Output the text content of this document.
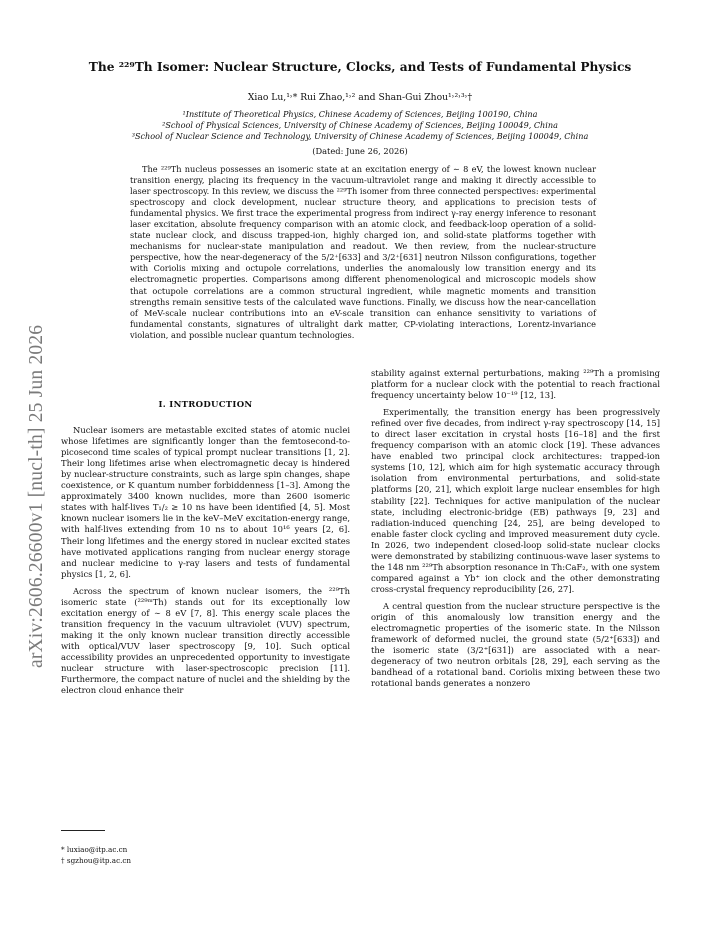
arXiv:2606.26600v1 [nucl-th] 25 Jun 2026
The ²²⁹Th Isomer: Nuclear Structure, Clocks, and Tests of Fundamental Physics
Xiao Lu,¹˒* Rui Zhao,¹˒² and Shan-Gui Zhou¹˒²˒³˒†
¹Institute of Theoretical Physics, Chinese Academy of Sciences, Beijing 100190, China
²School of Physical Sciences, University of Chinese Academy of Sciences, Beijing 100049, China
³School of Nuclear Science and Technology, University of Chinese Academy of Sciences, Beijing 100049, China
(Dated: June 26, 2026)

The ²²⁹Th nucleus possesses an isomeric state at an excitation energy of ∼ 8 eV, the lowest known nuclear transition energy, placing its frequency in the vacuum-ultraviolet range and making it directly accessible to laser spectroscopy. In this review, we discuss the ²²⁹Th isomer from three connected perspectives: experimental spectroscopy and clock development, nuclear structure theory, and applications to precision tests of fundamental physics. We first trace the experimental progress from indirect γ-ray energy inference to resonant laser excitation, absolute frequency comparison with an atomic clock, and feedback-loop operation of a solid-state nuclear clock, and discuss trapped-ion, highly charged ion, and solid-state platforms together with mechanisms for nuclear-state manipulation and readout. We then review, from the nuclear-structure perspective, how the near-degeneracy of the 5/2⁺[633] and 3/2⁺[631] neutron Nilsson configurations, together with Coriolis mixing and octupole correlations, underlies the anomalously low transition energy and its electromagnetic properties. Comparisons among different phenomenological and microscopic models show that octupole correlations are a common structural ingredient, while magnetic moments and transition strengths remain sensitive tests of the calculated wave functions. Finally, we discuss how the near-cancellation of MeV-scale nuclear contributions into an eV-scale transition can enhance sensitivity to variations of fundamental constants, signatures of ultralight dark matter, CP-violating interactions, Lorentz-invariance violation, and possible nuclear quantum technologies.

I. INTRODUCTION

Nuclear isomers are metastable excited states of atomic nuclei whose lifetimes are significantly longer than the femtosecond-to-picosecond time scales of typical prompt nuclear transitions [1, 2]. Their long lifetimes arise when electromagnetic decay is hindered by nuclear-structure constraints, such as large spin changes, shape coexistence, or K quantum number forbiddenness [1–3]. Among the approximately 3400 known nuclides, more than 2600 isomeric states with half-lives T₁/₂ ≥ 10 ns have been identified [4, 5]. Most known nuclear isomers lie in the keV–MeV excitation-energy range, with half-lives extending from 10 ns to about 10¹⁶ years [2, 6]. Their long lifetimes and the energy stored in nuclear excited states have motivated applications ranging from nuclear energy storage and nuclear medicine to γ-ray lasers and tests of fundamental physics [1, 2, 6].

Across the spectrum of known nuclear isomers, the ²²⁹Th isomeric state (²²⁹ᵐTh) stands out for its exceptionally low excitation energy of ∼ 8 eV [7, 8]. This energy scale places the transition frequency in the vacuum ultraviolet (VUV) spectrum, making it the only known nuclear transition directly accessible with optical/VUV laser spectroscopy [9, 10]. Such optical accessibility provides an unprecedented opportunity to investigate nuclear structure with laser-spectroscopic precision [11]. Furthermore, the compact nature of nuclei and the shielding by the electron cloud enhance their

stability against external perturbations, making ²²⁹Th a promising platform for a nuclear clock with the potential to reach fractional frequency uncertainty below 10⁻¹⁹ [12, 13].

Experimentally, the transition energy has been progressively refined over five decades, from indirect γ-ray spectroscopy [14, 15] to direct laser excitation in crystal hosts [16–18] and the first frequency comparison with an atomic clock [19]. These advances have enabled two principal clock architectures: trapped-ion systems [10, 12], which aim for high systematic accuracy through isolation from environmental perturbations, and solid-state platforms [20, 21], which exploit large nuclear ensembles for high stability [22]. Techniques for active manipulation of the nuclear state, including electronic-bridge (EB) pathways [9, 23] and radiation-induced quenching [24, 25], are being developed to enable faster clock cycling and improved measurement duty cycle. In 2026, two independent closed-loop solid-state nuclear clocks were demonstrated by stabilizing continuous-wave laser systems to the 148 nm ²²⁹Th absorption resonance in Th:CaF₂, with one system compared against a Yb⁺ ion clock and the other demonstrating cross-crystal frequency reproducibility [26, 27].

A central question from the nuclear structure perspective is the origin of this anomalously low transition energy and the electromagnetic properties of the isomeric state. In the Nilsson framework of deformed nuclei, the ground state (5/2⁺[633]) and the isomeric state (3/2⁺[631]) are associated with a near-degeneracy of two neutron orbitals [28, 29], each serving as the bandhead of a rotational band. Coriolis mixing between these two rotational bands generates a nonzero

* luxiao@itp.ac.cn
† sgzhou@itp.ac.cn
